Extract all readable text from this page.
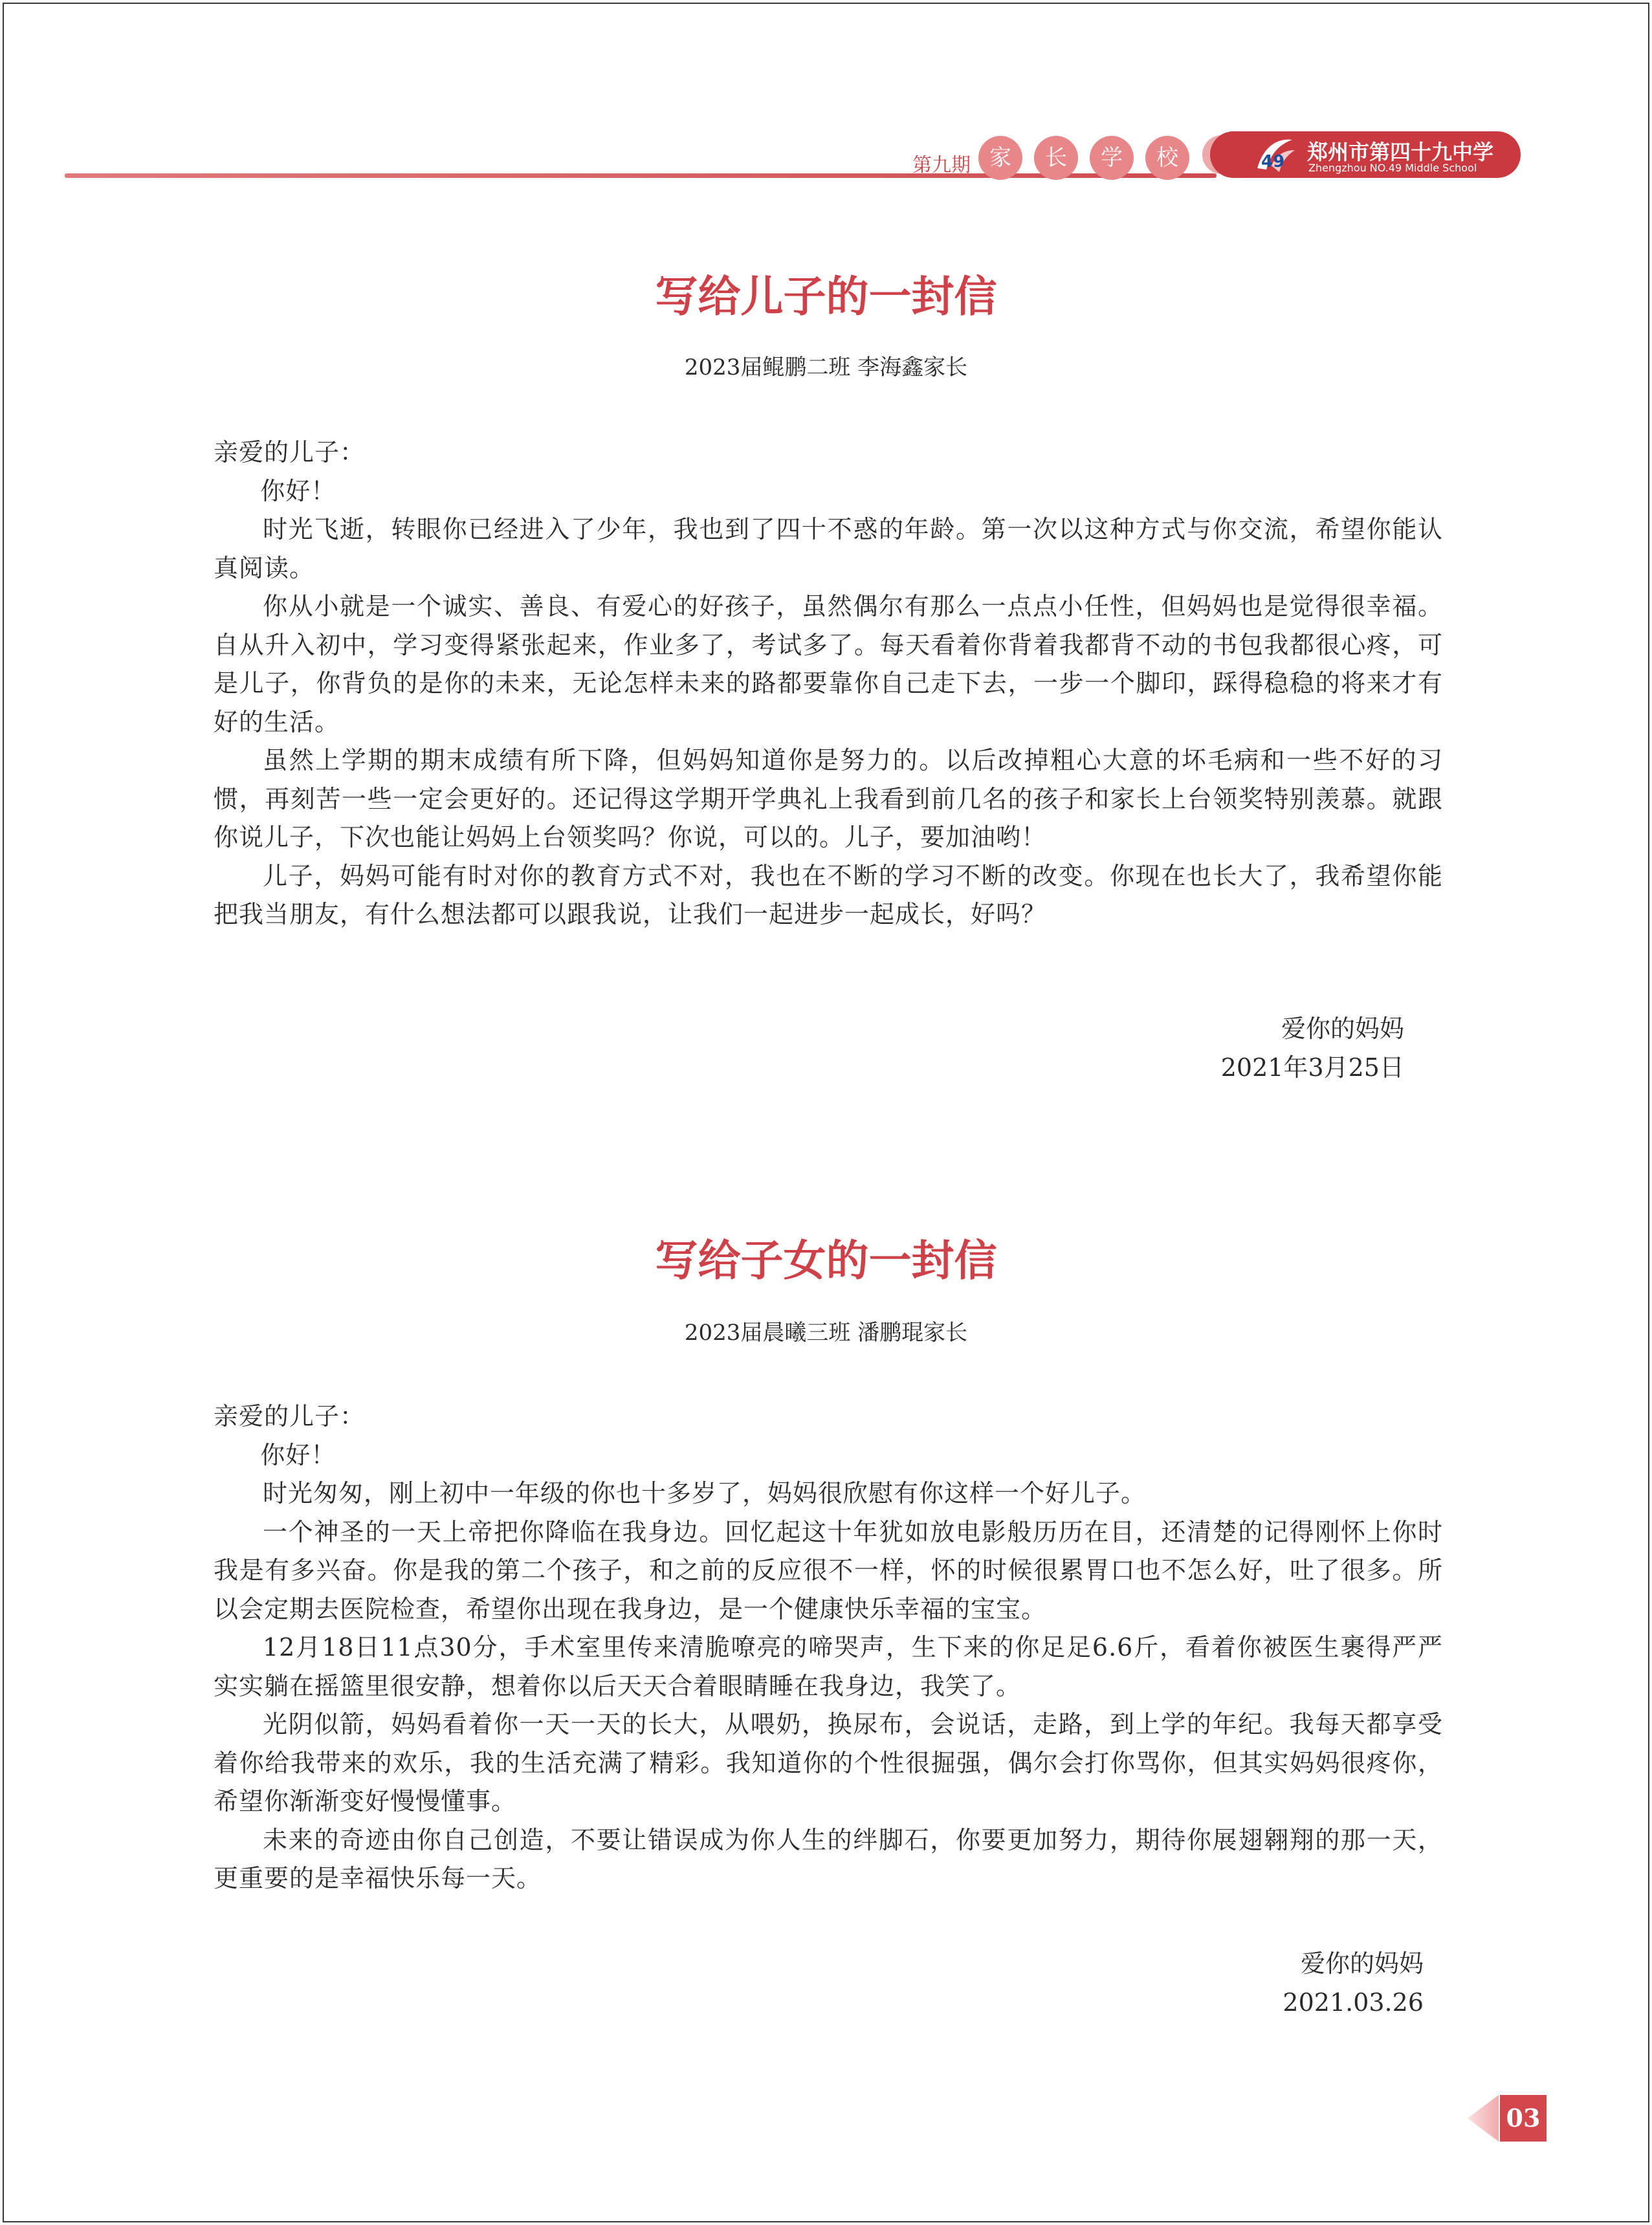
第九期 家	长	学	校	49 郑州市第四十九中学
Zhengzhou NO.49 Middle School
写给儿子的一封信
2023届鲲鹏二班 李海鑫家长

亲爱的儿子：

你好！

时光飞逝，转眼你已经进入了少年，我也到了四十不惑的年龄。第一次以这种方式与你交流，希望你能认真阅读。

你从小就是一个诚实、善良、有爱心的好孩子，虽然偶尔有那么一点点小任性，但妈妈也是觉得很幸福。自从升入初中，学习变得紧张起来，作业多了，考试多了。每天看着你背着我都背不动的书包我都很心疼，可是儿子，你背负的是你的未来，无论怎样未来的路都要靠你自己走下去，一步一个脚印，踩得稳稳的将来才有好的生活。

虽然上学期的期末成绩有所下降，但妈妈知道你是努力的。以后改掉粗心大意的坏毛病和一些不好的习惯，再刻苦一些一定会更好的。还记得这学期开学典礼上我看到前几名的孩子和家长上台领奖特别羡慕。就跟你说儿子，下次也能让妈妈上台领奖吗？你说，可以的。儿子，要加油哟！

儿子，妈妈可能有时对你的教育方式不对，我也在不断的学习不断的改变。你现在也长大了，我希望你能把我当朋友，有什么想法都可以跟我说，让我们一起进步一起成长，好吗？

爱你的妈妈
2021年3月25日
写给子女的一封信
2023届晨曦三班 潘鹏琨家长

亲爱的儿子：

你好！

时光匆匆，刚上初中一年级的你也十多岁了，妈妈很欣慰有你这样一个好儿子。

一个神圣的一天上帝把你降临在我身边。回忆起这十年犹如放电影般历历在目，还清楚的记得刚怀上你时我是有多兴奋。你是我的第二个孩子，和之前的反应很不一样，怀的时候很累胃口也不怎么好，吐了很多。所以会定期去医院检查，希望你出现在我身边，是一个健康快乐幸福的宝宝。

12月18日11点30分，手术室里传来清脆嘹亮的啼哭声，生下来的你足足6.6斤，看着你被医生裹得严严实实躺在摇篮里很安静，想着你以后天天合着眼睛睡在我身边，我笑了。

光阴似箭，妈妈看着你一天一天的长大，从喂奶，换尿布，会说话，走路，到上学的年纪。我每天都享受着你给我带来的欢乐，我的生活充满了精彩。我知道你的个性很掘强，偶尔会打你骂你，但其实妈妈很疼你，希望你渐渐变好慢慢懂事。

未来的奇迹由你自己创造，不要让错误成为你人生的绊脚石，你要更加努力，期待你展翅翱翔的那一天，更重要的是幸福快乐每一天。

爱你的妈妈
2021.03.26
03
